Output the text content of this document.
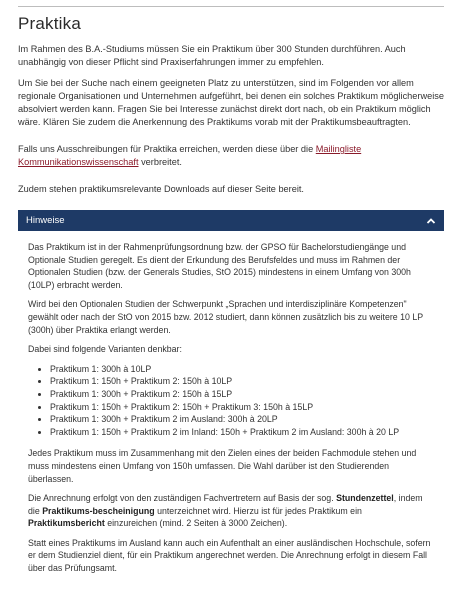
Praktika

Im Rahmen des B.A.-Studiums müssen Sie ein Praktikum über 300 Stunden durchführen. Auch unabhängig von dieser Pflicht sind Praxiserfahrungen immer zu empfehlen.

Um Sie bei der Suche nach einem geeigneten Platz zu unterstützen, sind im Folgenden vor allem regionale Organisationen und Unternehmen aufgeführt, bei denen ein solches Praktikum möglicherweise absolviert werden kann. Fragen Sie bei Interesse zunächst direkt dort nach, ob ein Praktikum möglich wäre. Klären Sie zudem die Anerkennung des Praktikums vorab mit der Praktikumsbeauftragten.

Falls uns Ausschreibungen für Praktika erreichen, werden diese über die Mailingliste Kommunikationswissenschaft verbreitet.

Zudem stehen praktikumsrelevante Downloads auf dieser Seite bereit.

Hinweise

Das Praktikum ist in der Rahmenprüfungsordnung bzw. der GPSO für Bachelorstudiengänge und Optionale Studien geregelt. Es dient der Erkundung des Berufsfeldes und muss im Rahmen der Optionalen Studien (bzw. der Generals Studies, StO 2015) mindestens in einem Umfang von 300h (10LP) erbracht werden.

Wird bei den Optionalen Studien der Schwerpunkt „Sprachen und interdisziplinäre Kompetenzen" gewählt oder nach der StO von 2015 bzw. 2012 studiert, dann können zusätzlich bis zu weitere 10 LP (300h) über Praktika erlangt werden.

Dabei sind folgende Varianten denkbar:

• Praktikum 1: 300h à 10LP
• Praktikum 1: 150h + Praktikum 2: 150h à 10LP
• Praktikum 1: 300h + Praktikum 2: 150h à 15LP
• Praktikum 1: 150h + Praktikum 2: 150h + Praktikum 3: 150h à 15LP
• Praktikum 1: 300h + Praktikum 2 im Ausland: 300h à 20LP
• Praktikum 1: 150h + Praktikum 2 im Inland: 150h + Praktikum 2 im Ausland: 300h à 20 LP

Jedes Praktikum muss im Zusammenhang mit den Zielen eines der beiden Fachmodule stehen und muss mindestens einen Umfang von 150h umfassen. Die Wahl darüber ist den Studierenden überlassen.

Die Anrechnung erfolgt von den zuständigen Fachvertretern auf Basis der sog. Stundenzettel, indem die Praktikums-bescheinigung unterzeichnet wird. Hierzu ist für jedes Praktikum ein Praktikumsbericht einzureichen (mind. 2 Seiten à 3000 Zeichen).

Statt eines Praktikums im Ausland kann auch ein Aufenthalt an einer ausländischen Hochschule, sofern er dem Studienziel dient, für ein Praktikum angerechnet werden. Die Anrechnung erfolgt in diesem Fall über das Prüfungsamt.
